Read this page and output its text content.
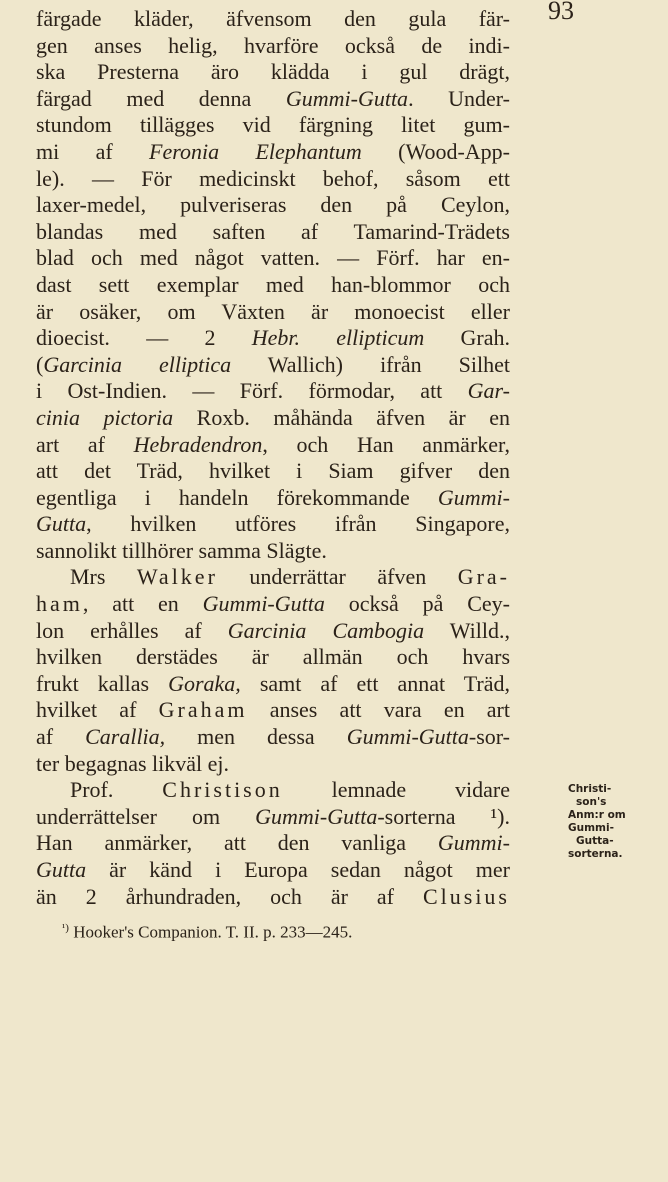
93
färgade kläder, äfvensom den gula fär-
gen anses helig, hvarföre också de indi-
ska Presterna äro klädda i gul drägt,
färgad med denna Gummi-Gutta. Under-
stundom tillägges vid färgning litet gum-
mi af Feronia Elephantum (Wood-App-
le). — För medicinskt behof, såsom ett
laxer-medel, pulveriseras den på Ceylon,
blandas med saften af Tamarind-Trädets
blad och med något vatten. — Förf. har en-
dast sett exemplar med han-blommor och
är osäker, om Växten är monoecist eller
dioecist. — 2 Hebr. ellipticum Grah.
(Garcinia elliptica Wallich) ifrån Silhet
i Ost-Indien. — Förf. förmodar, att Gar-
cinia pictoria Roxb. måhända äfven är en
art af Hebradendron, och Han anmärker,
att det Träd, hvilket i Siam gifver den
egentliga i handeln förekommande Gummi-
Gutta, hvilken utföres ifrån Singapore,
sannolikt tillhörer samma Slägte.
Mrs Walker underrättar äfven Gra-
ham, att en Gummi-Gutta också på Cey-
lon erhålles af Garcinia Cambogia Willd.,
hvilken derstädes är allmän och hvars
frukt kallas Goraka, samt af ett annat Träd,
hvilket af Graham anses att vara en art
af Carallia, men dessa Gummi-Gutta-sor-
ter begagnas likväl ej.
Prof. Christison lemnade vidare
underrättelser om Gummi-Gutta-sorterna ¹).
Han anmärker, att den vanliga Gummi-
Gutta är känd i Europa sedan något mer
än 2 århundraden, och är af Clusius
Christi-
son's
Anm:r om
Gummi-
Gutta-
sorterna.
$^{^1)}$ Hooker's Companion. T. II. p. 233—245.
